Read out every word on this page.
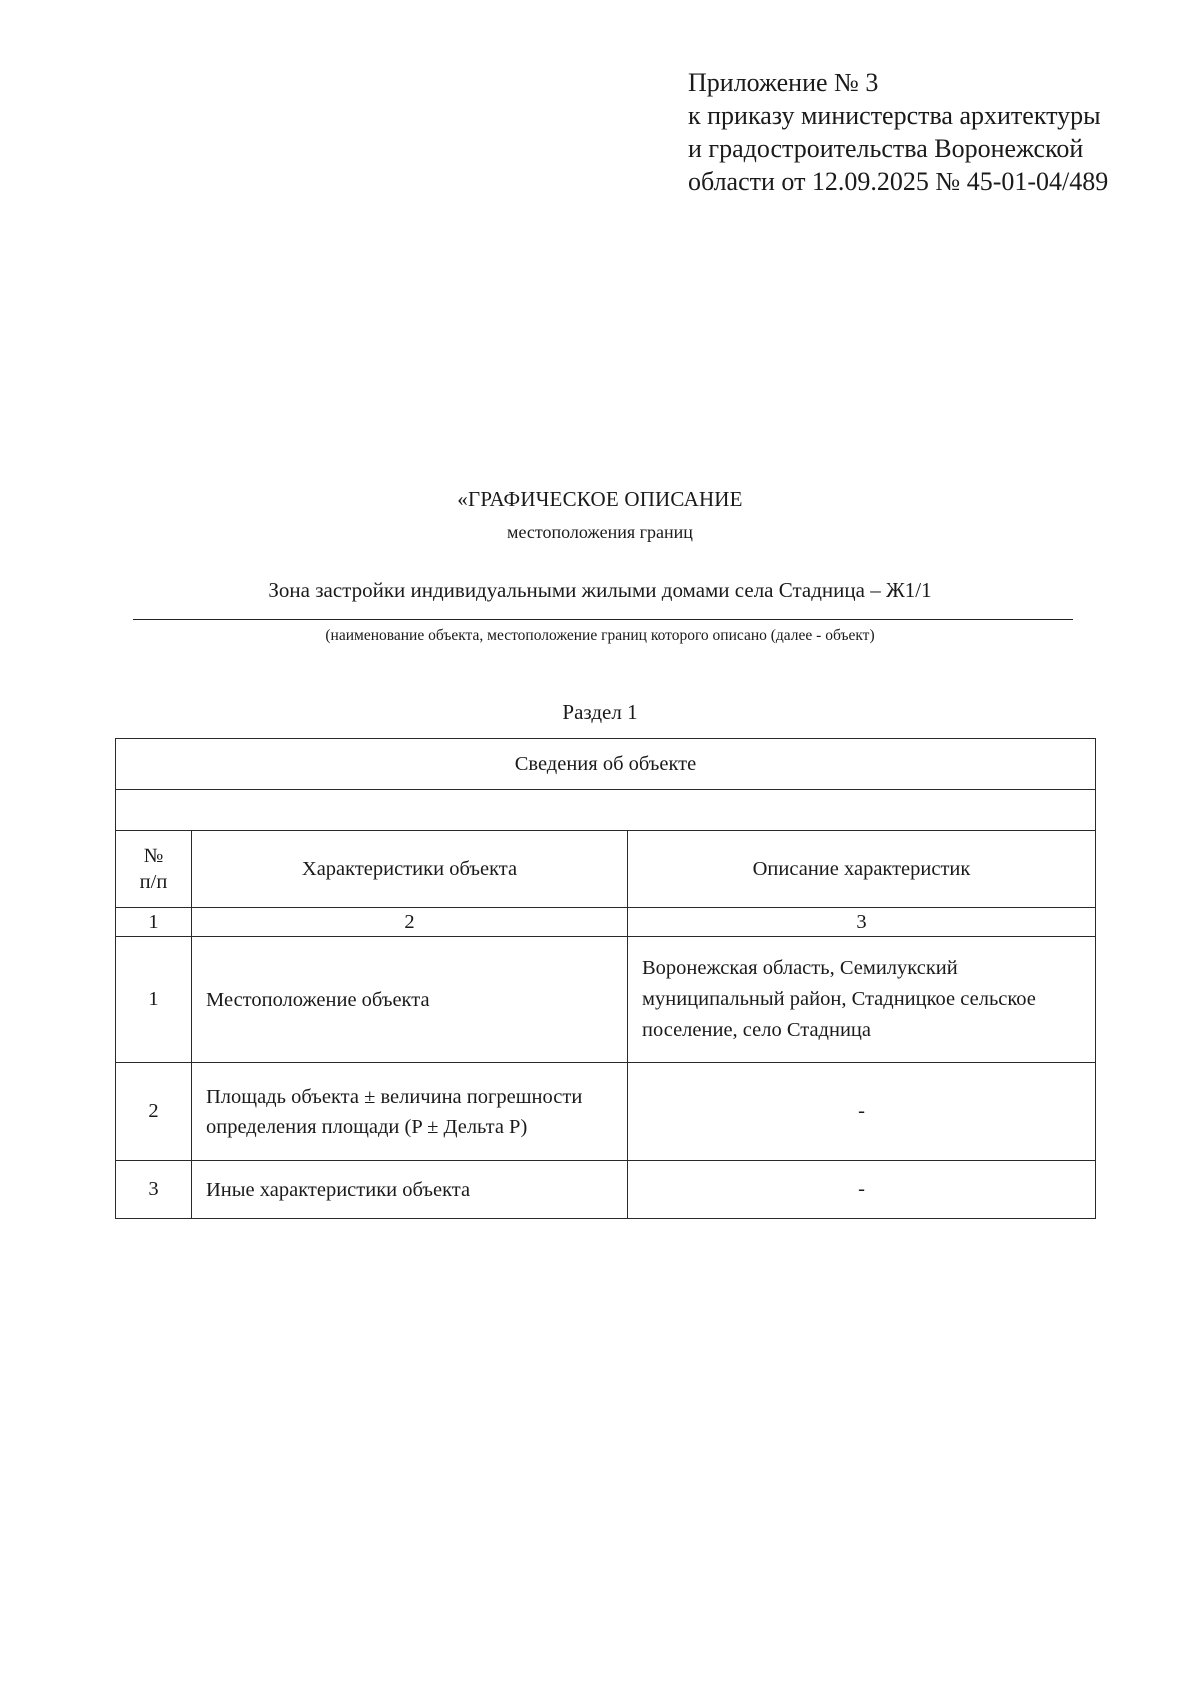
Приложение № 3
к приказу министерства архитектуры
и градостроительства Воронежской
области от 12.09.2025 № 45-01-04/489
«ГРАФИЧЕСКОЕ ОПИСАНИЕ
местоположения границ
Зона застройки индивидуальными жилыми домами села Стадница – Ж1/1
(наименование объекта, местоположение границ которого описано (далее - объект)
Раздел 1
Сведения об объекте		

№ п/п	Характеристики объекта	Описание характеристик
1	2	3
1	Местоположение объекта	Воронежская область, Семилукский муниципальный район, Стадницкое сельское поселение, село Стадница
2	Площадь объекта ± величина погрешности определения площади (P ± Дельта P)	-
3	Иные характеристики объекта	-
